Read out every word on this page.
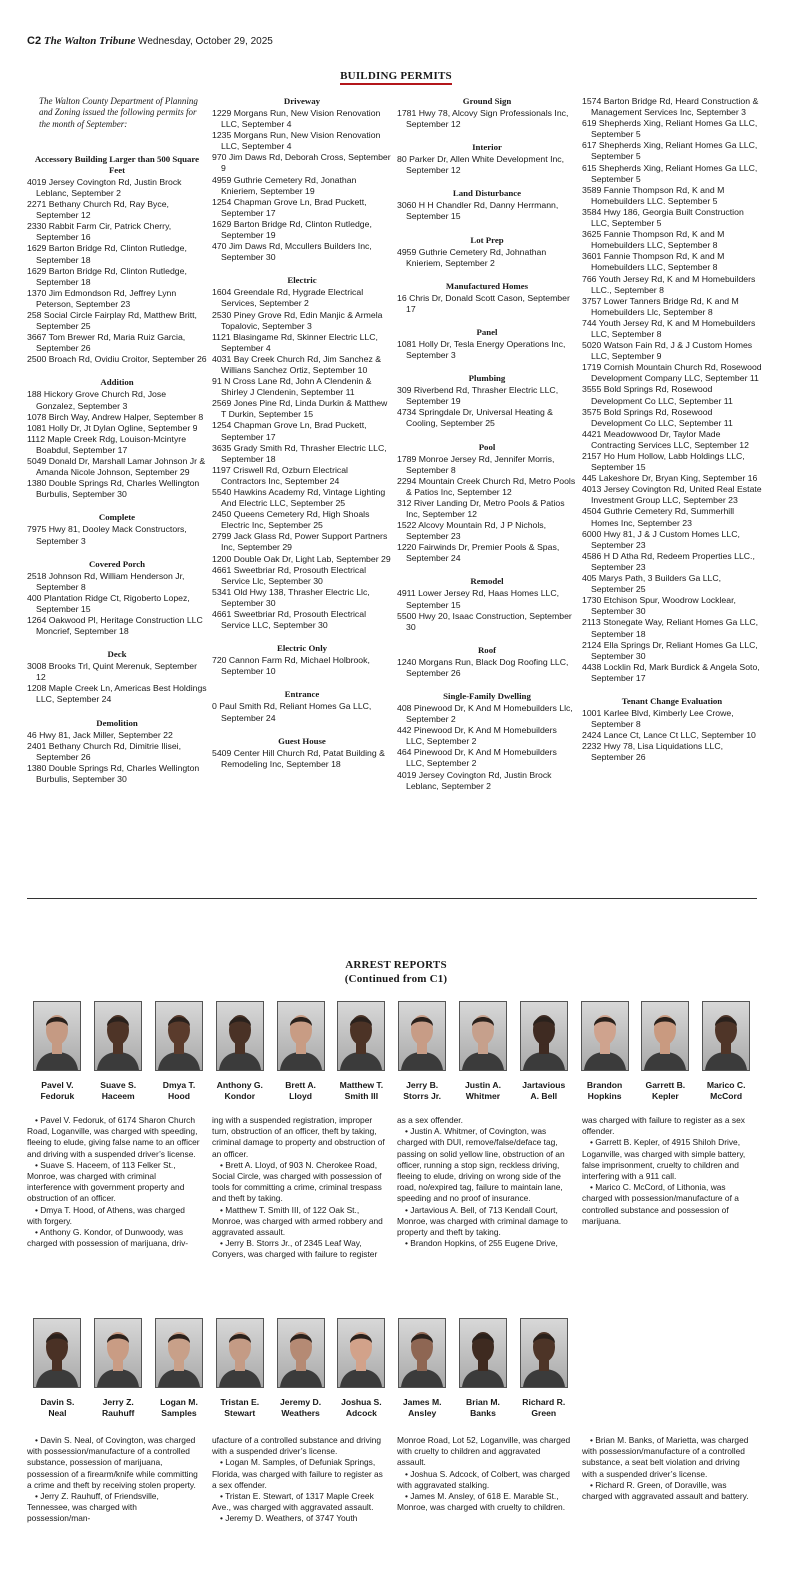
C2 The Walton Tribune Wednesday, October 29, 2025
BUILDING PERMITS

The Walton County Department of Planning and Zoning issued the following permits for the month of September:

Accessory Building Larger than 500 Square Feet

4019 Jersey Covington Rd, Justin Brock Leblanc, September 2

2271 Bethany Church Rd, Ray Byce, September 12

2330 Rabbit Farm Cir, Patrick Cherry, September 16

1629 Barton Bridge Rd, Clinton Rutledge, September 18

1629 Barton Bridge Rd, Clinton Rutledge, September 18

1370 Jim Edmondson Rd, Jeffrey Lynn Peterson, September 23

258 Social Circle Fairplay Rd, Matthew Britt, September 25

3667 Tom Brewer Rd, Maria Ruiz Garcia, September 26

2500 Broach Rd, Ovidiu Croitor, September 26

Addition

188 Hickory Grove Church Rd, Jose Gonzalez, September 3

1078 Birch Way, Andrew Halper, September 8

1081 Holly Dr, Jt Dylan Ogline, September 9

1112 Maple Creek Rdg, Louison-Mcintyre Boabdul, September 17

5049 Donald Dr, Marshall Lamar Johnson Jr & Amanda Nicole Johnson, September 29

1380 Double Springs Rd, Charles Wellington Burbulis, September 30

Complete

7975 Hwy 81, Dooley Mack Constructors, September 3

Covered Porch

2518 Johnson Rd, William Henderson Jr, September 8

400 Plantation Ridge Ct, Rigoberto Lopez, September 15

1264 Oakwood Pl, Heritage Construction LLC Moncrief, September 18

Deck

3008 Brooks Trl, Quint Merenuk, September 12

1208 Maple Creek Ln, Americas Best Holdings LLC, September 24

Demolition

46 Hwy 81, Jack Miller, September 22

2401 Bethany Church Rd, Dimitrie Ilisei, September 26

1380 Double Springs Rd, Charles Wellington Burbulis, September 30

Driveway

1229 Morgans Run, New Vision Renovation LLC, September 4

1235 Morgans Run, New Vision Renovation LLC, September 4

970 Jim Daws Rd, Deborah Cross, September 9

4959 Guthrie Cemetery Rd, Jonathan Knieriem, September 19

1254 Chapman Grove Ln, Brad Puckett, September 17

1629 Barton Bridge Rd, Clinton Rutledge, September 19

470 Jim Daws Rd, Mccullers Builders Inc, September 30

Electric

1604 Greendale Rd, Hygrade Electrical Services, September 2

2530 Piney Grove Rd, Edin Manjic & Armela Topalovic, September 3

1121 Blasingame Rd, Skinner Electric LLC, September 4

4031 Bay Creek Church Rd, Jim Sanchez & Willians Sanchez Ortiz, September 10

91 N Cross Lane Rd, John A Clendenin & Shirley J Clendenin, September 11

2569 Jones Pine Rd, Linda Durkin & Matthew T Durkin, September 15

1254 Chapman Grove Ln, Brad Puckett, September 17

3635 Grady Smith Rd, Thrasher Electric LLC, September 18

1197 Criswell Rd, Ozburn Electrical Contractors Inc, September 24

5540 Hawkins Academy Rd, Vintage Lighting And Electric LLC, September 25

2450 Queens Cemetery Rd, High Shoals Electric Inc, September 25

2799 Jack Glass Rd, Power Support Partners Inc, September 29

1200 Double Oak Dr, Light Lab, September 29

4661 Sweetbriar Rd, Prosouth Electrical Service Llc, September 30

5341 Old Hwy 138, Thrasher Electric Llc, September 30

4661 Sweetbriar Rd, Prosouth Electrical Service LLC, September 30

Electric Only

720 Cannon Farm Rd, Michael Holbrook, September 10

Entrance

0 Paul Smith Rd, Reliant Homes Ga LLC, September 24

Guest House

5409 Center Hill Church Rd, Patat Building & Remodeling Inc, September 18

Ground Sign

1781 Hwy 78, Alcovy Sign Professionals Inc, September 12

Interior

80 Parker Dr, Allen White Development Inc, September 12

Land Disturbance

3060 H H Chandler Rd, Danny Herrmann, September 15

Lot Prep

4959 Guthrie Cemetery Rd, Johnathan Knieriem, September 2

Manufactured Homes

16 Chris Dr, Donald Scott Cason, September 17

Panel

1081 Holly Dr, Tesla Energy Operations Inc, September 3

Plumbing

309 Riverbend Rd, Thrasher Electric LLC, September 19

4734 Springdale Dr, Universal Heating & Cooling, September 25

Pool

1789 Monroe Jersey Rd, Jennifer Morris, September 8

2294 Mountain Creek Church Rd, Metro Pools & Patios Inc, September 12

312 River Landing Dr, Metro Pools & Patios Inc, September 12

1522 Alcovy Mountain Rd, J P Nichols, September 23

1220 Fairwinds Dr, Premier Pools & Spas, September 24

Remodel

4911 Lower Jersey Rd, Haas Homes LLC, September 15

5500 Hwy 20, Isaac Construction, September 30

Roof

1240 Morgans Run, Black Dog Roofing LLC, September 26

Single-Family Dwelling

408 Pinewood Dr, K And M Homebuilders Llc, September 2

442 Pinewood Dr, K And M Homebuilders LLC, September 2

464 Pinewood Dr, K And M Homebuilders LLC, September 2

4019 Jersey Covington Rd, Justin Brock Leblanc, September 2

1574 Barton Bridge Rd, Heard Construction & Management Services Inc, September 3

619 Shepherds Xing, Reliant Homes Ga LLC, September 5

617 Shepherds Xing, Reliant Homes Ga LLC, September 5

615 Shepherds Xing, Reliant Homes Ga LLC, September 5

3589 Fannie Thompson Rd, K and M Homebuilders LLC. September 5

3584 Hwy 186, Georgia Built Construction LLC, September 5

3625 Fannie Thompson Rd, K and M Homebuilders LLC, September 8

3601 Fannie Thompson Rd, K and M Homebuilders LLC, September 8

766 Youth Jersey Rd, K and M Homebuilders LLC., September 8

3757 Lower Tanners Bridge Rd, K and M Homebuilders Llc, September 8

744 Youth Jersey Rd, K and M Homebuilders LLC, September 8

5020 Watson Fain Rd, J & J Custom Homes LLC, September 9

1719 Cornish Mountain Church Rd, Rosewood Development Company LLC, September 11

3555 Bold Springs Rd, Rosewood Development Co LLC, September 11

3575 Bold Springs Rd, Rosewood Development Co LLC, September 11

4421 Meadowwood Dr, Taylor Made Contracting Services LLC, September 12

2157 Ho Hum Hollow, Labb Holdings LLC, September 15

445 Lakeshore Dr, Bryan King, September 16

4013 Jersey Covington Rd, United Real Estate Investment Group LLC, September 23

4504 Guthrie Cemetery Rd, Summerhill Homes Inc, September 23

6000 Hwy 81, J & J Custom Homes LLC, September 23

4586 H D Atha Rd, Redeem Properties LLC., September 23

405 Marys Path, 3 Builders Ga LLC, September 25

1730 Etchison Spur, Woodrow Locklear, September 30

2113 Stonegate Way, Reliant Homes Ga LLC, September 18

2124 Ella Springs Dr, Reliant Homes Ga LLC, September 30

4438 Locklin Rd, Mark Burdick & Angela Soto, September 17

Tenant Change Evaluation

1001 Karlee Blvd, Kimberly Lee Crowe, September 8

2424 Lance Ct, Lance Ct LLC, September 10

2232 Hwy 78, Lisa Liquidations LLC, September 26

ARREST REPORTS
(Continued from C1)
Pavel V.
Fedoruk
Suave S.
Haceem
Dmya T.
Hood
Anthony G.
Kondor
Brett A.
Lloyd
Matthew T.
Smith III
Jerry B.
Storrs Jr.
Justin A.
Whitmer
Jartavious
A. Bell
Brandon
Hopkins
Garrett B.
Kepler
Marico C.
McCord

• Pavel V. Fedoruk, of 6174 Sharon Church Road, Loganville, was charged with speeding, fleeing to elude, giving false name to an officer and driving with a suspended driver’s license.

• Suave S. Haceem, of 113 Felker St., Monroe, was charged with criminal interference with government property and obstruction of an officer.

• Dmya T. Hood, of Athens, was charged with forgery.

• Anthony G. Kondor, of Dunwoody, was charged with possession of marijuana, driv-

ing with a suspended registration, improper turn, obstruction of an officer, theft by taking, criminal damage to property and obstruction of an officer.

• Brett A. Lloyd, of 903 N. Cherokee Road, Social Circle, was charged with possession of tools for committing a crime, criminal trespass and theft by taking.

• Matthew T. Smith III, of 122 Oak St., Monroe, was charged with armed robbery and aggravated assault.

• Jerry B. Storrs Jr., of 2345 Leaf Way, Conyers, was charged with failure to register

as a sex offender.

• Justin A. Whitmer, of Covington, was charged with DUI, remove/false/deface tag, passing on solid yellow line, obstruction of an officer, running a stop sign, reckless driving, fleeing to elude, driving on wrong side of the road, no/expired tag, failure to maintain lane, speeding and no proof of insurance.

• Jartavious A. Bell, of 713 Kendall Court, Monroe, was charged with criminal damage to property and theft by taking.

• Brandon Hopkins, of 255 Eugene Drive,

was charged with failure to register as a sex offender.

• Garrett B. Kepler, of 4915 Shiloh Drive, Loganville, was charged with simple battery, false imprisonment, cruelty to children and interfering with a 911 call.

• Marico C. McCord, of Lithonia, was charged with possession/manufacture of a controlled substance and possession of marijuana.

Davin S.
Neal
Jerry Z.
Rauhuff
Logan M.
Samples
Tristan E.
Stewart
Jeremy D.
Weathers
Joshua S.
Adcock
James M.
Ansley
Brian M.
Banks
Richard R.
Green

• Davin S. Neal, of Covington, was charged with possession/manufacture of a controlled substance, possession of marijuana, possession of a firearm/knife while committing a crime and theft by receiving stolen property.

• Jerry Z. Rauhuff, of Friendsville, Tennessee, was charged with possession/man-

ufacture of a controlled substance and driving with a suspended driver’s license.

• Logan M. Samples, of Defuniak Springs, Florida, was charged with failure to register as a sex offender.

• Tristan E. Stewart, of 1317 Maple Creek Ave., was charged with aggravated assault.

• Jeremy D. Weathers, of 3747 Youth

Monroe Road, Lot 52, Loganville, was charged with cruelty to children and aggravated assault.

• Joshua S. Adcock, of Colbert, was charged with aggravated stalking.

• James M. Ansley, of 618 E. Marable St., Monroe, was charged with cruelty to children.

• Brian M. Banks, of Marietta, was charged with possession/manufacture of a controlled substance, a seat belt violation and driving with a suspended driver’s license.

• Richard R. Green, of Doraville, was charged with aggravated assault and battery.
